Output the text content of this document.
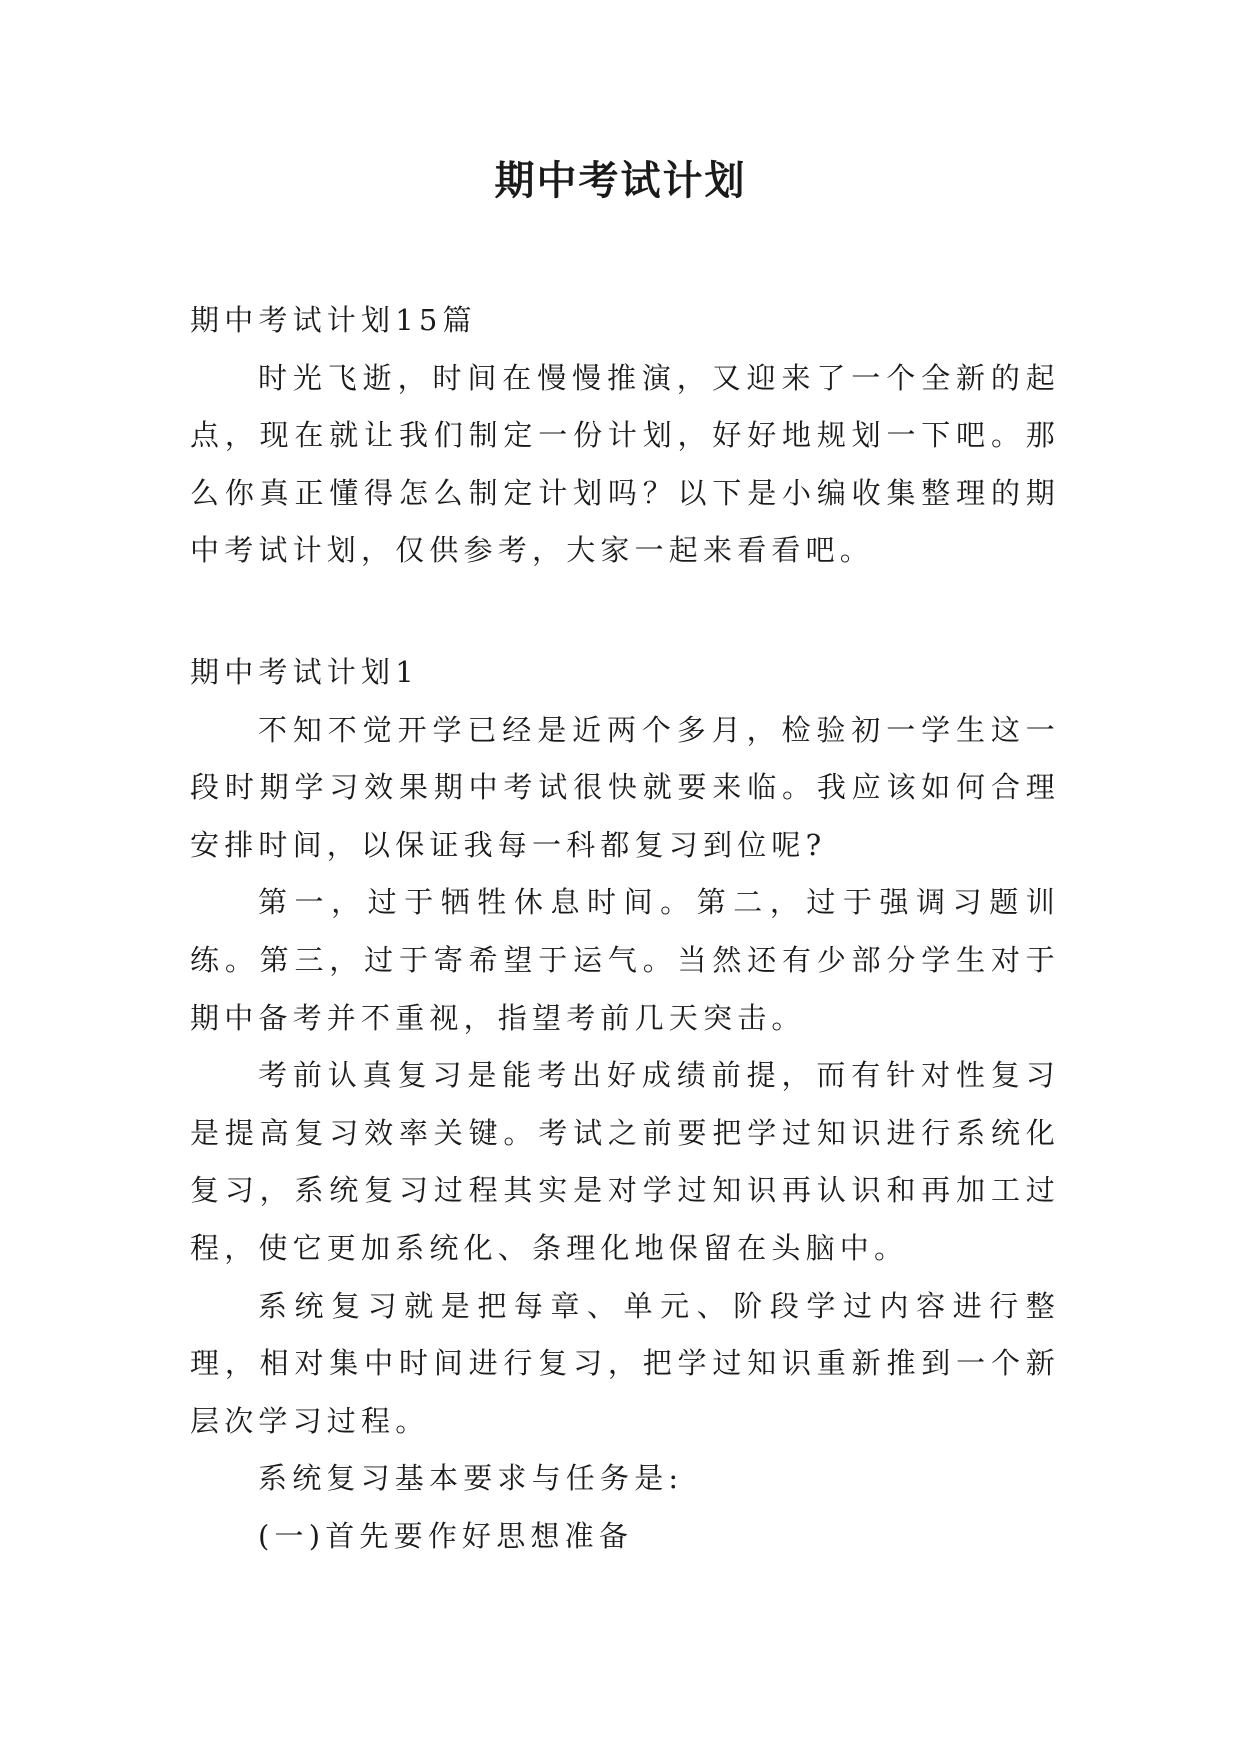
期中考试计划

期中考试计划15篇

时光飞逝，时间在慢慢推演，又迎来了一个全新的起点，现在就让我们制定一份计划，好好地规划一下吧。那么你真正懂得怎么制定计划吗？以下是小编收集整理的期中考试计划，仅供参考，大家一起来看看吧。

期中考试计划1

不知不觉开学已经是近两个多月，检验初一学生这一段时期学习效果期中考试很快就要来临。我应该如何合理安排时间，以保证我每一科都复习到位呢?

第一，过于牺牲休息时间。第二，过于强调习题训练。第三，过于寄希望于运气。当然还有少部分学生对于期中备考并不重视，指望考前几天突击。

考前认真复习是能考出好成绩前提，而有针对性复习是提高复习效率关键。考试之前要把学过知识进行系统化复习，系统复习过程其实是对学过知识再认识和再加工过程，使它更加系统化、条理化地保留在头脑中。

系统复习就是把每章、单元、阶段学过内容进行整理，相对集中时间进行复习，把学过知识重新推到一个新层次学习过程。

系统复习基本要求与任务是:

(一)首先要作好思想准备
